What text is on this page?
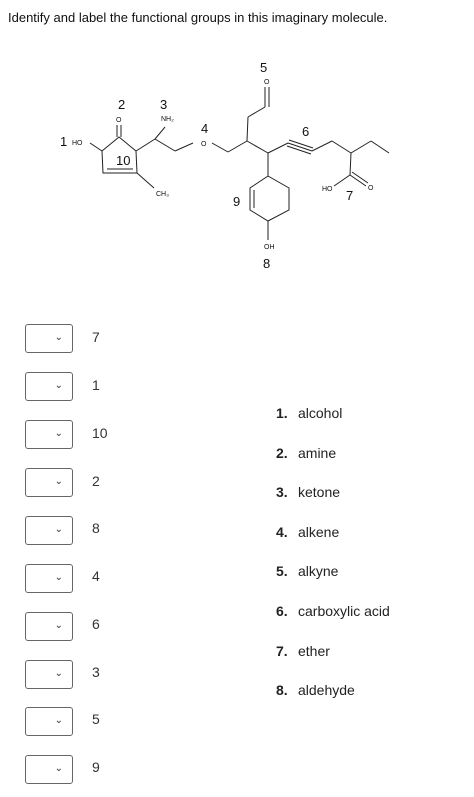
Identify and label the functional groups in this imaginary molecule.
HO
O	NH₂
O
CH₃
O
OH
HO	O
1
2	3
4
5
6
7
8
9
10
⌄ 7
⌄ 1
⌄ 10
⌄ 2
⌄ 8
⌄ 4
⌄ 6
⌄ 3
⌄ 5
⌄ 9
1. alcohol
2. amine
3. ketone
4. alkene
5. alkyne
6. carboxylic acid
7. ether
8. aldehyde
